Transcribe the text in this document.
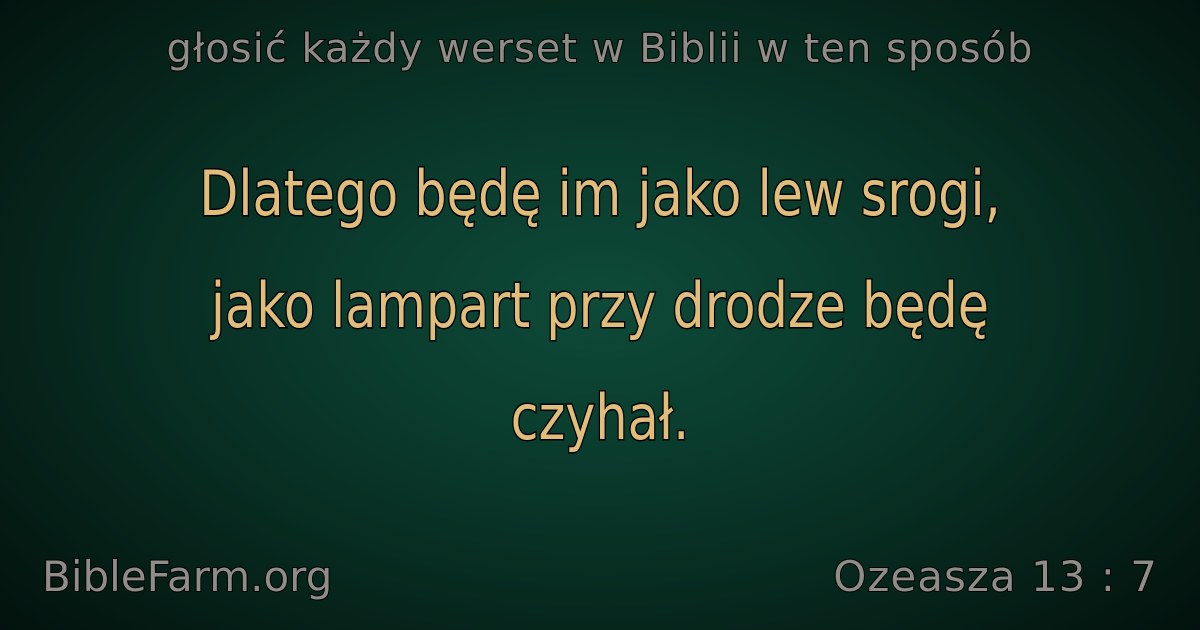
głosić każdy werset w Biblii w ten sposób
Dlatego będę im jako lew srogi, jako lampart przy drodze będę czyhał.
BibleFarm.org	Ozeasza 13 : 7
